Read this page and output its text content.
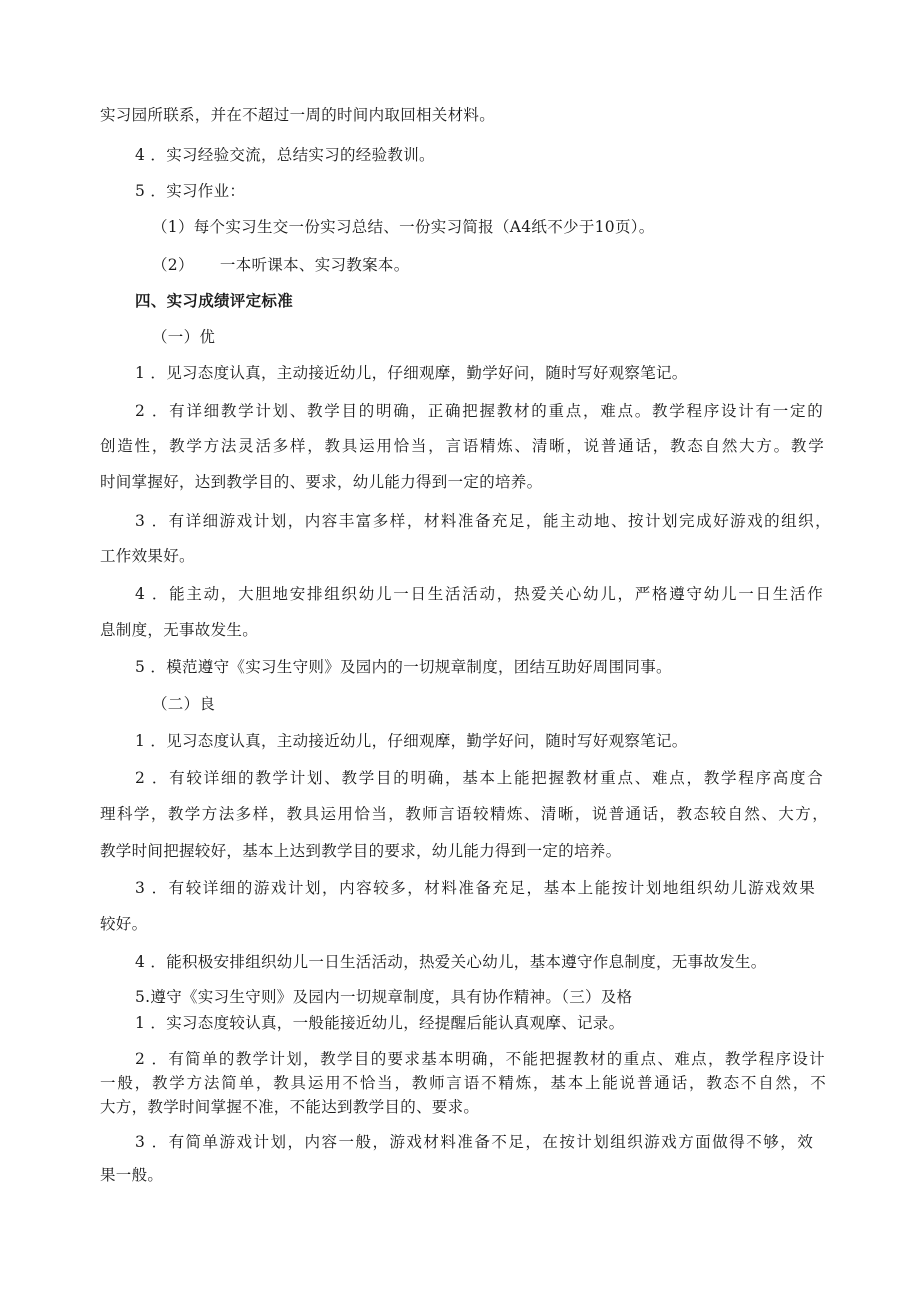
实习园所联系，并在不超过一周的时间内取回相关材料。
4 ．实习经验交流，总结实习的经验教训。
5 ．实习作业：
（1）每个实习生交一份实习总结、一份实习简报（A4纸不少于10页）。
（2）     一本听课本、实习教案本。
四、实习成绩评定标准
（一）优
1 ．见习态度认真，主动接近幼儿，仔细观摩，勤学好问，随时写好观察笔记。
2 ．有详细教学计划、教学目的明确，正确把握教材的重点，难点。教学程序设计有一定的
创造性，教学方法灵活多样，教具运用恰当，言语精炼、清晰，说普通话，教态自然大方。教学
时间掌握好，达到教学目的、要求，幼儿能力得到一定的培养。
3 ．有详细游戏计划，内容丰富多样，材料准备充足，能主动地、按计划完成好游戏的组织，
工作效果好。
4 ．能主动，大胆地安排组织幼儿一日生活活动，热爱关心幼儿，严格遵守幼儿一日生活作
息制度，无事故发生。
5 ．模范遵守《实习生守则》及园内的一切规章制度，团结互助好周围同事。
（二）良
1 ．见习态度认真，主动接近幼儿，仔细观摩，勤学好问，随时写好观察笔记。
2 ．有较详细的教学计划、教学目的明确，基本上能把握教材重点、难点，教学程序高度合
理科学，教学方法多样，教具运用恰当，教师言语较精炼、清晰，说普通话，教态较自然、大方，
教学时间把握较好，基本上达到教学目的要求，幼儿能力得到一定的培养。
3 ．有较详细的游戏计划，内容较多，材料准备充足，基本上能按计划地组织幼儿游戏效果
较好。
4 ．能积极安排组织幼儿一日生活活动，热爱关心幼儿，基本遵守作息制度，无事故发生。
5.遵守《实习生守则》及园内一切规章制度，具有协作精神。（三）及格
1 ．实习态度较认真，一般能接近幼儿，经提醒后能认真观摩、记录。
2 ．有简单的教学计划，教学目的要求基本明确，不能把握教材的重点、难点，教学程序设计
一般，教学方法简单，教具运用不恰当，教师言语不精炼，基本上能说普通话，教态不自然，不
大方，教学时间掌握不准，不能达到教学目的、要求。
3 ．有简单游戏计划，内容一般，游戏材料准备不足，在按计划组织游戏方面做得不够，效
果一般。
